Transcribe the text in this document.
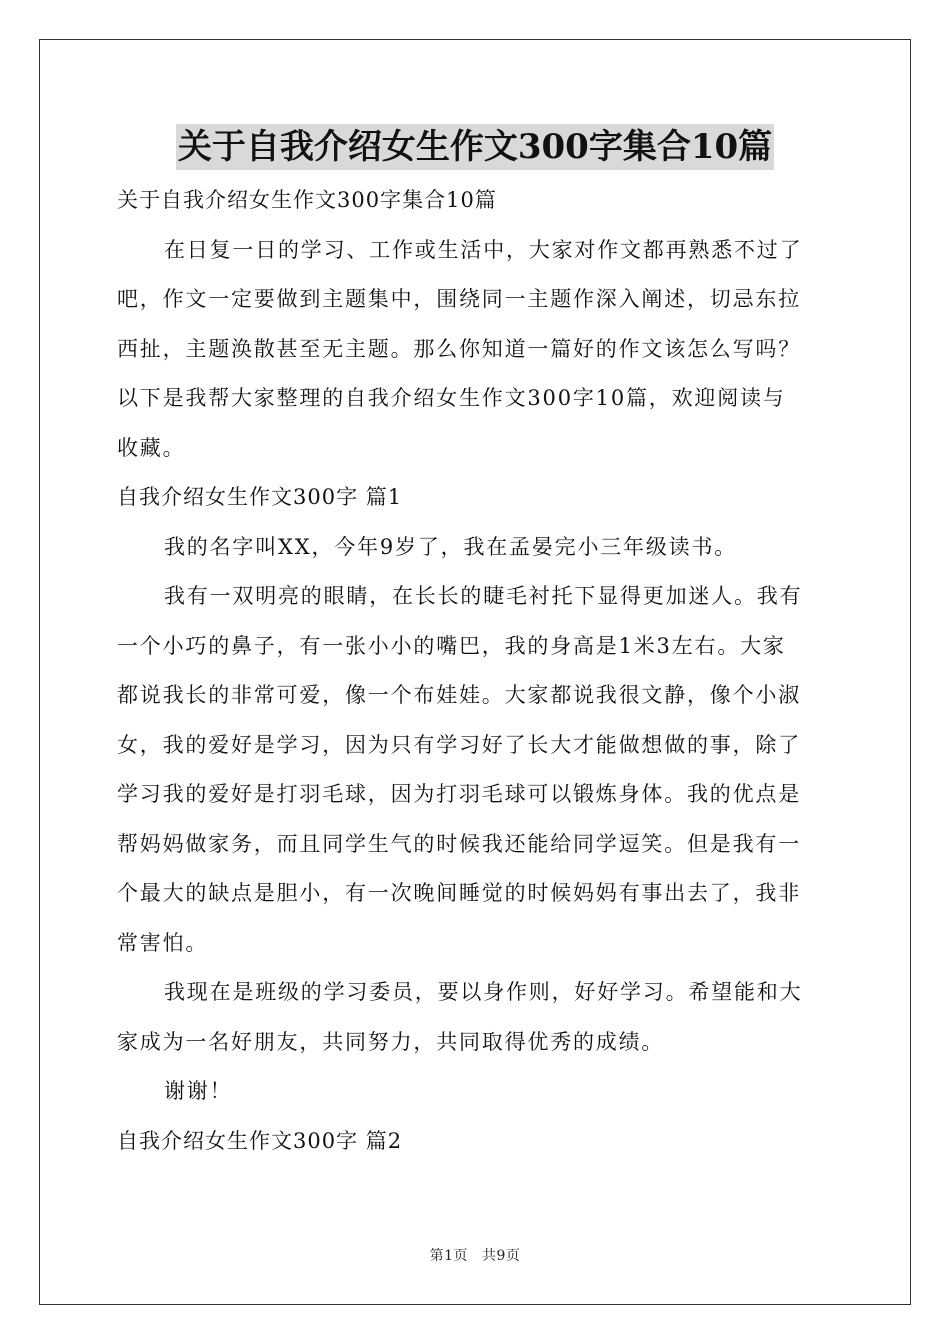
关于自我介绍女生作文300字集合10篇
关于自我介绍女生作文300字集合10篇
在日复一日的学习、工作或生活中，大家对作文都再熟悉不过了
吧，作文一定要做到主题集中，围绕同一主题作深入阐述，切忌东拉
西扯，主题涣散甚至无主题。那么你知道一篇好的作文该怎么写吗？
以下是我帮大家整理的自我介绍女生作文300字10篇，欢迎阅读与
收藏。
自我介绍女生作文300字 篇1
我的名字叫XX，今年9岁了，我在孟晏完小三年级读书。
我有一双明亮的眼睛，在长长的睫毛衬托下显得更加迷人。我有
一个小巧的鼻子，有一张小小的嘴巴，我的身高是1米3左右。大家
都说我长的非常可爱，像一个布娃娃。大家都说我很文静，像个小淑
女，我的爱好是学习，因为只有学习好了长大才能做想做的事，除了
学习我的爱好是打羽毛球，因为打羽毛球可以锻炼身体。我的优点是
帮妈妈做家务，而且同学生气的时候我还能给同学逗笑。但是我有一
个最大的缺点是胆小，有一次晚间睡觉的时候妈妈有事出去了，我非
常害怕。
我现在是班级的学习委员，要以身作则，好好学习。希望能和大
家成为一名好朋友，共同努力，共同取得优秀的成绩。
谢谢！
自我介绍女生作文300字 篇2
第1页 共9页
